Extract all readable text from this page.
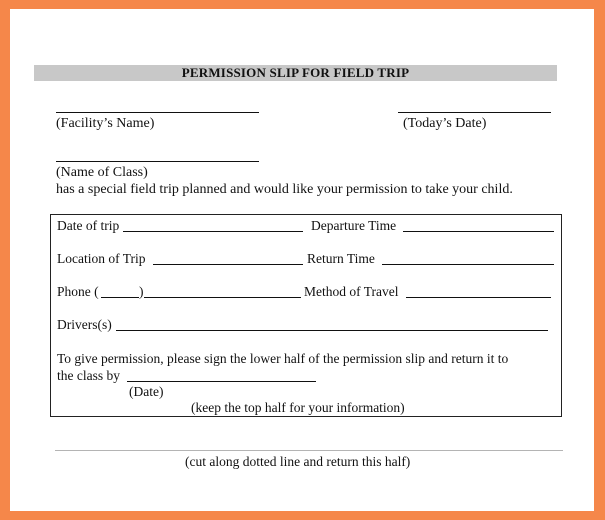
PERMISSION SLIP FOR FIELD TRIP
(Facility’s Name)	(Today’s Date)
(Name of Class)
has a special field trip planned and would like your permission to take your child.
Date of trip	Departure Time
Location of Trip	Return Time
Phone (	)	Method of Travel
Drivers(s)
To give permission, please sign the lower half of the permission slip and return it to
the class by
(Date)
(keep the top half for your information)
(cut along dotted line and return this half)
